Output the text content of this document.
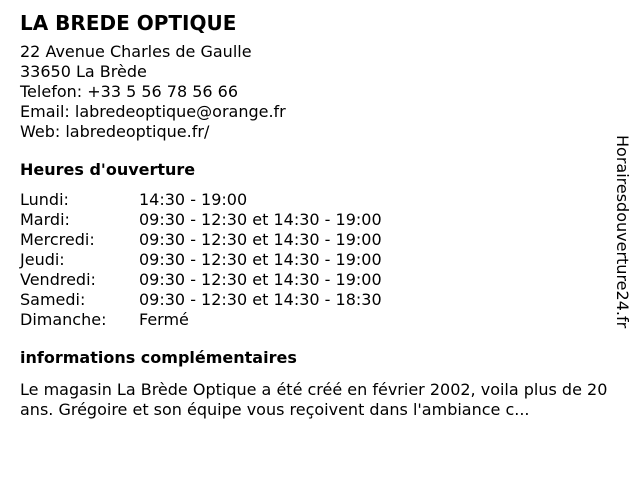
LA BREDE OPTIQUE
22 Avenue Charles de Gaulle
33650 La Brède
Telefon: +33 5 56 78 56 66
Email: labredeoptique@orange.fr
Web: labredeoptique.fr/
Heures d'ouverture
Lundi:	14:30 - 19:00
Mardi:	09:30 - 12:30 et 14:30 - 19:00
Mercredi:	09:30 - 12:30 et 14:30 - 19:00
Jeudi:	09:30 - 12:30 et 14:30 - 19:00
Vendredi:	09:30 - 12:30 et 14:30 - 19:00
Samedi:	09:30 - 12:30 et 14:30 - 18:30
Dimanche:	Fermé
informations complémentaires
Le magasin La Brède Optique a été créé en février 2002, voila plus de 20 ans. Grégoire et son équipe vous reçoivent dans l'ambiance c...
Horairesdouverture24.fr
